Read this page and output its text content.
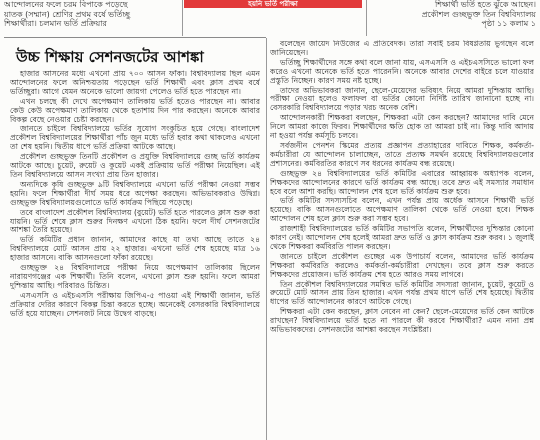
আন্দোলনের ফলে চরম বিপাকে পড়েছে
য়াতক (সম্মান) শ্রেণির প্রথম বর্ষে ভর্তিচ্ছু
শিক্ষার্থীরা। চলমান ভর্তি প্রক্রিয়ার
হয়নি ভর্তি পরীক্ষা	শিক্ষার্থী ভর্তি হতে ঝুঁকে আছেন।
প্রকৌশল গুচ্ছভুক্ত তিন বিশ্ববিদ্যালয়
পৃষ্ঠা ১১ কলাম ১
উচ্চ শিক্ষায় সেশনজটের আশঙ্কা

হাজার আসনের মধ্যে এখনো প্রায় ৭০০ আসন ফাঁকা। বিশ্ববিদ্যালয় ছিল এমন আন্দোলনের ফলে অনিশ্চয়তায় পড়েছেন ভর্তি শিক্ষার্থী এবং ক্লাস প্রথম বর্ষে ভর্তিচ্ছুরা। আগে যেমন অনেকে ভালো জায়গা পেলেও ভর্তি হতে পারছেন না।

এখন চলছে কী দেখে অপেক্ষমাণ তালিকায় ভর্তি হতেও পারছেন না। আবার কেউ কেউ অপেক্ষমাণ তালিকায় থেকে হতাশায় দিন পার করছেন। অনেকে আবার বিকল্প বেছে নেওয়ার চেষ্টা করছেন।

জানতে চাইলে বিশ্ববিদ্যালয়ে ভর্তির সুযোগ সংকুচিত হয়ে গেছে। বাংলাদেশ প্রকৌশল বিশ্ববিদ্যালয়ের শিক্ষার্থীরা পাঁচ জুন মধ্যে ভর্তি হবার কথা থাকলেও এখনো তা শেষ হয়নি। দ্বিতীয় ধাপে ভর্তি প্রক্রিয়া আটকে আছে।

প্রকৌশল গুচ্ছভুক্ত তিনটি প্রকৌশল ও প্রযুক্তি বিশ্ববিদ্যালয়ে গুচ্ছ ভর্তি কার্যক্রম আটকে আছে। চুয়েট, রুয়েট ও কুয়েট একই প্রক্রিয়ায় ভর্তি পরীক্ষা নিয়েছিল। এই তিন বিশ্ববিদ্যালয়ে আসন সংখ্যা প্রায় তিন হাজার।

অন্যদিকে কৃষি গুচ্ছভুক্ত ৯টি বিশ্ববিদ্যালয়ে এখনো ভর্তি পরীক্ষা নেওয়া সম্ভব হয়নি। ফলে শিক্ষার্থীরা দীর্ঘ সময় ধরে অপেক্ষা করছেন। অভিভাবকরাও উদ্বিগ্ন। গুচ্ছভুক্ত বিশ্ববিদ্যালয়গুলোতে ভর্তি কার্যক্রম পিছিয়ে পড়েছে।

তবে বাংলাদেশ প্রকৌশল বিশ্ববিদ্যালয় (বুয়েট) ভর্তি হতে পারলেও ক্লাস শুরু করা যায়নি। ভর্তি শেষে ক্লাস শুরুর দিনক্ষণ এখনো ঠিক হয়নি। ফলে দীর্ঘ সেশনজটের আশঙ্কা তৈরি হয়েছে।

ভর্তি কমিটির প্রধান জানান, আমাদের কাছে যা তথ্য আছে তাতে ২৪ বিশ্ববিদ্যালয়ে মোট আসন প্রায় ২২ হাজার। এখনো ভর্তি শেষ হয়েছে মাত্র ১৬ হাজার আসনে। বাকি আসনগুলো ফাঁকা রয়েছে।

গুচ্ছভুক্ত ২৪ বিশ্ববিদ্যালয়ে পরীক্ষা নিয়ে অপেক্ষমাণ তালিকায় ছিলেন নারায়ণগঞ্জের এক শিক্ষার্থী। তিনি বলেন, এখনো ক্লাস শুরু হয়নি। ফলে আমরা দুশ্চিন্তায় আছি। পরিবারও চিন্তিত।

এসএসসি ও এইচএসসি পরীক্ষায় জিপিএ-৫ পাওয়া এই শিক্ষার্থী জানান, ভর্তি প্রক্রিয়ার দেরির কারণে বিকল্প চিন্তা করতে হচ্ছে। অনেকেই বেসরকারি বিশ্ববিদ্যালয়ে ভর্তি হয়ে যাচ্ছেন। সেশনজট নিয়ে উদ্বেগ বাড়ছে।

বলেছেন জায়েদ নিউজের এ প্রতিবেদক। তারা সবাই চরম বিষণ্ণতায় ভুগছেন বলে জানিয়েছেন।

ভর্তিচ্ছু শিক্ষার্থীদের সঙ্গে কথা বলে জানা যায়, এসএসসি ও এইচএসসিতে ভালো ফল করেও এখনো অনেকে ভর্তি হতে পারেননি। অনেকে আবার দেশের বাইরে চলে যাওয়ার প্রস্তুতি নিচ্ছেন। কারণ সময় নষ্ট হচ্ছে।

তাদের অভিভাবকরা জানান, ছেলে-মেয়েদের ভবিষ্যৎ নিয়ে আমরা দুশ্চিন্তায় আছি। পরীক্ষা নেওয়া হলেও ফলাফল বা ভর্তির কোনো নির্দিষ্ট তারিখ জানানো হচ্ছে না। বেসরকারি বিশ্ববিদ্যালয়ে পড়ার খরচ অনেক বেশি।

আন্দোলনকারী শিক্ষকরা বলছেন, শিক্ষকরা এটা কেন করছেন? আমাদের দাবি মেনে নিলে আমরা কাজে ফিরব। শিক্ষার্থীদের ক্ষতি হোক তা আমরা চাই না। কিন্তু দাবি আদায় না হওয়া পর্যন্ত কর্মসূচি চলবে।

সর্বজনীন পেনশন স্কিমের প্রত্যয় প্রজ্ঞাপন প্রত্যাহারের দাবিতে শিক্ষক, কর্মকর্তা-কর্মচারীরা যে আন্দোলন চালাচ্ছেন, তাতে প্রত্যক্ষ সমর্থন রয়েছে বিশ্ববিদ্যালয়গুলোর প্রশাসনের। কর্মবিরতির কারণে সব ধরনের কার্যক্রম বন্ধ রয়েছে।

গুচ্ছভুক্ত ২৪ বিশ্ববিদ্যালয়ের ভর্তি কমিটির এবারের আহ্বায়ক অধ্যাপক বলেন, শিক্ষকদের আন্দোলনের কারণে ভর্তি কার্যক্রম বন্ধ আছে। তবে দ্রুত এই সমস্যার সমাধান হবে বলে আশা করছি। আন্দোলন শেষ হলে ভর্তি কার্যক্রম শুরু হবে।

ভর্তি কমিটির সদস্যসচিব বলেন, এখন পর্যন্ত প্রায় অর্ধেক আসনে শিক্ষার্থী ভর্তি হয়েছে। বাকি আসনগুলোতে অপেক্ষমাণ তালিকা থেকে ভর্তি নেওয়া হবে। শিক্ষক আন্দোলন শেষ হলে ক্লাস শুরু করা সম্ভব হবে।

রাজশাহী বিশ্ববিদ্যালয়ের ভর্তি কমিটির সভাপতি বলেন, শিক্ষার্থীদের দুশ্চিন্তার কোনো কারণ নেই। আন্দোলন শেষ হলেই আমরা দ্রুত ভর্তি ও ক্লাস কার্যক্রম শুরু করব। ১ জুলাই থেকে শিক্ষকরা কর্মবিরতি পালন করছেন।

জানতে চাইলে প্রকৌশল গুচ্ছের এক উপাচার্য বলেন, আমাদের ভর্তি কার্যক্রম শিক্ষকরা কর্মবিরতি করলেও কর্মকর্তা-কর্মচারীরা দেখছেন। তবে ক্লাস শুরু করতে শিক্ষকদের প্রয়োজন। ভর্তি কার্যক্রম শেষ হতে আরও সময় লাগবে।

তিন প্রকৌশল বিশ্ববিদ্যালয়ের সমন্বিত ভর্তি কমিটির সদস্যরা জানান, চুয়েট, কুয়েট ও রুয়েটে মোট আসন প্রায় তিন হাজার। এখন পর্যন্ত প্রথম ধাপে ভর্তি শেষ হয়েছে। দ্বিতীয় ধাপের ভর্তি আন্দোলনের কারণে আটকে গেছে।

শিক্ষকরা এটা কেন করছেন, ক্লাস নেবেন না কেন? ছেলে-মেয়েদের ভর্তি কেন আটকে রাখছেন? বিশ্ববিদ্যালয়ে ভর্তি হতে না পারলে কী করবে শিক্ষার্থীরা? এমন নানা প্রশ্ন অভিভাবকদের। সেশনজটের আশঙ্কা করছেন সংশ্লিষ্টরা।
